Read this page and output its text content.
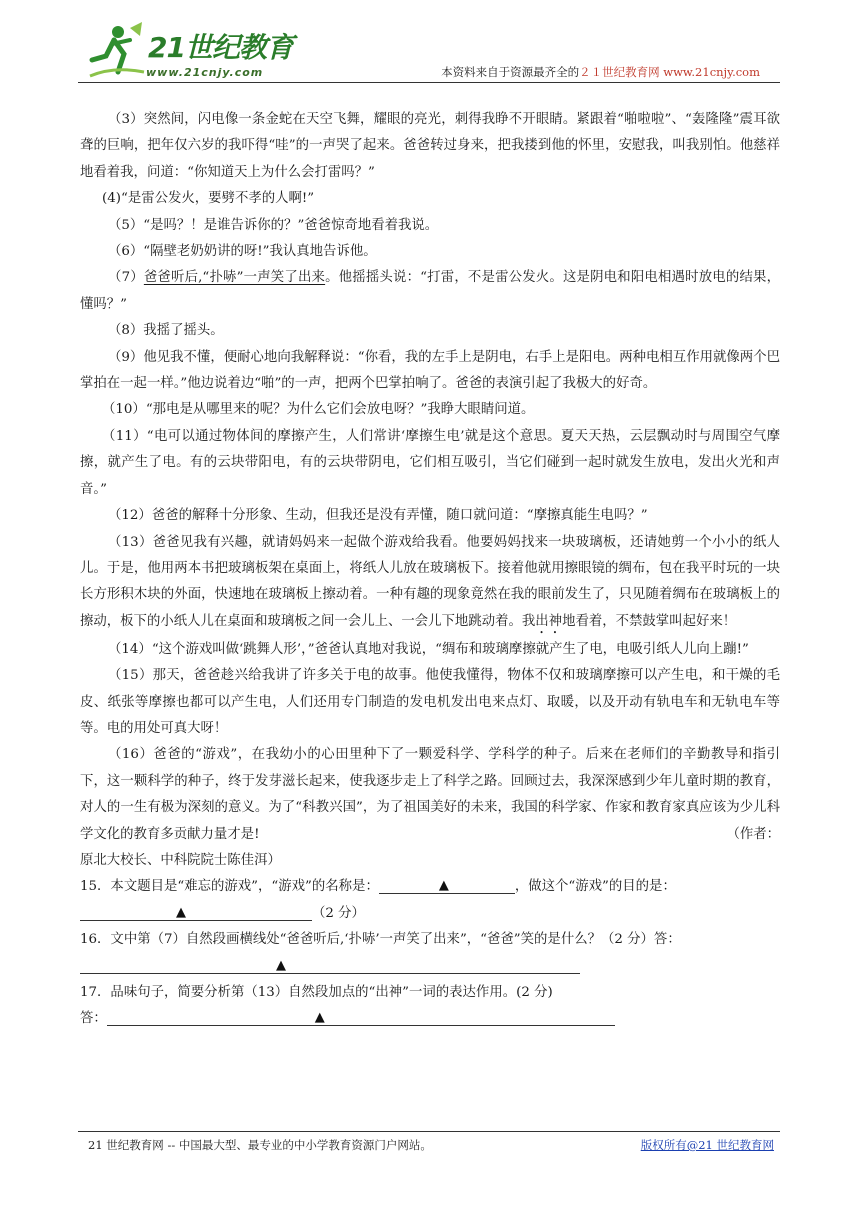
21世纪教育
www.21cnjy.com	本资料来自于资源最齐全的２１世纪教育网 www.21cnjy.com

（3）突然间，闪电像一条金蛇在天空飞舞，耀眼的亮光，刺得我睁不开眼睛。紧跟着“啪啦啦”、“轰隆隆”震耳欲聋的巨响，把年仅六岁的我吓得“哇”的一声哭了起来。爸爸转过身来，把我搂到他的怀里，安慰我，叫我别怕。他慈祥地看着我，问道：“你知道天上为什么会打雷吗？”

(4)“是雷公发火，要劈不孝的人啊!”

（5）“是吗？！是谁告诉你的？”爸爸惊奇地看着我说。

（6）“隔壁老奶奶讲的呀!”我认真地告诉他。

（7）爸爸听后,“扑哧”一声笑了出来。他摇摇头说：“打雷，不是雷公发火。这是阴电和阳电相遇时放电的结果，懂吗？”

（8）我摇了摇头。

（9）他见我不懂，便耐心地向我解释说：“你看，我的左手上是阴电，右手上是阳电。两种电相互作用就像两个巴掌拍在一起一样。”他边说着边“啪”的一声，把两个巴掌拍响了。爸爸的表演引起了我极大的好奇。

（10）“那电是从哪里来的呢？为什么它们会放电呀？”我睁大眼睛问道。

（11）“电可以通过物体间的摩擦产生，人们常讲‘摩擦生电’就是这个意思。夏天天热，云层飘动时与周围空气摩擦，就产生了电。有的云块带阳电，有的云块带阴电，它们相互吸引，当它们碰到一起时就发生放电，发出火光和声音。”

（12）爸爸的解释十分形象、生动，但我还是没有弄懂，随口就问道：“摩擦真能生电吗？”

（13）爸爸见我有兴趣，就请妈妈来一起做个游戏给我看。他要妈妈找来一块玻璃板，还请她剪一个小小的纸人儿。于是，他用两本书把玻璃板架在桌面上，将纸人儿放在玻璃板下。接着他就用擦眼镜的绸布，包在我平时玩的一块长方形积木块的外面，快速地在玻璃板上擦动着。一种有趣的现象竟然在我的眼前发生了，只见随着绸布在玻璃板上的擦动，板下的小纸人儿在桌面和玻璃板之间一会儿上、一会儿下地跳动着。我出神地看着，不禁鼓掌叫起好来！

（14）“这个游戏叫做‘跳舞人形’，”爸爸认真地对我说，“绸布和玻璃摩擦就产生了电，电吸引纸人儿向上蹦!”

（15）那天，爸爸趁兴给我讲了许多关于电的故事。他使我懂得，物体不仅和玻璃摩擦可以产生电，和干燥的毛皮、纸张等摩擦也都可以产生电，人们还用专门制造的发电机发出电来点灯、取暖，以及开动有轨电车和无轨电车等等。电的用处可真大呀！

（16）爸爸的“游戏”，在我幼小的心田里种下了一颗爱科学、学科学的种子。后来在老师们的辛勤教导和指引下，这一颗科学的种子，终于发芽滋长起来，使我逐步走上了科学之路。回顾过去，我深深感到少年儿童时期的教育，对人的一生有极为深刻的意义。为了“科教兴国”，为了祖国美好的未来，我国的科学家、作家和教育家真应该为少儿科学文化的教育多贡献力量才是!	（作者：

原北大校长、中科院院士陈佳洱）

15．本文题目是“难忘的游戏”，“游戏”的名称是：	▲	，做这个“游戏”的目的是：

▲	（2 分）

16．文中第（7）自然段画横线处“爸爸听后,‘扑哧’一声笑了出来”，“爸爸”笑的是什么？（2 分）答：

▲

17．品味句子，简要分析第（13）自然段加点的“出神”一词的表达作用。(2 分)

答：	▲

21 世纪教育网 -- 中国最大型、最专业的中小学教育资源门户网站。	版权所有@21 世纪教育网
